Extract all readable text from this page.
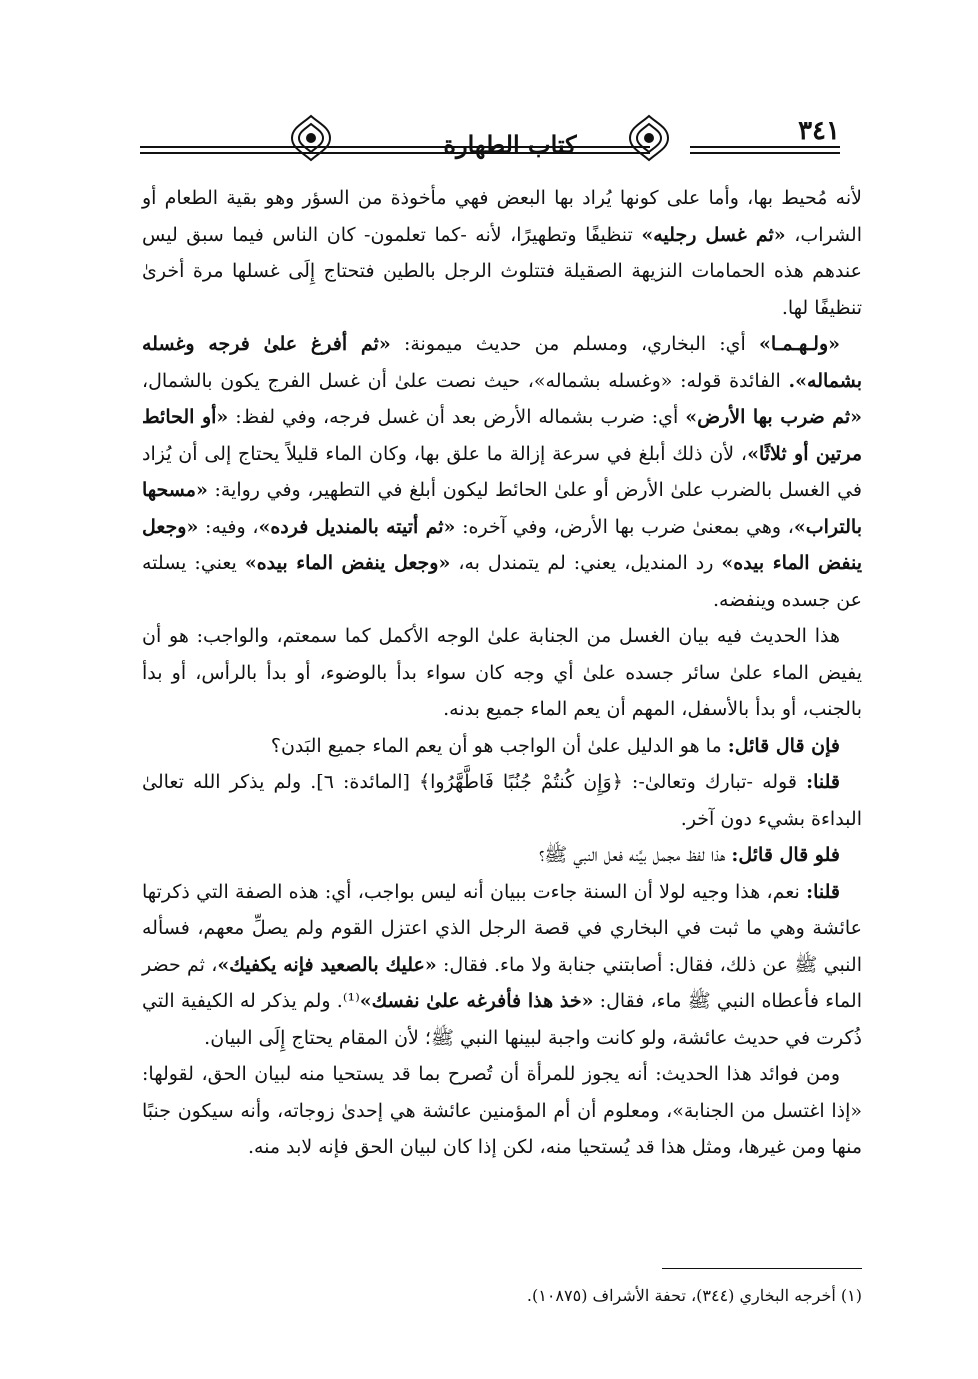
٣٤١
كتاب الطهارة

لأنه مُحيط بها، وأما على كونها يُراد بها البعض فهي مأخوذة من السؤر وهو بقية الطعام أو الشراب، «ثم غسل رجليه» تنظيفًا وتطهيرًا، لأنه -كما تعلمون- كان الناس فيما سبق ليس عندهم هذه الحمامات النزيهة الصقيلة فتتلوث الرجل بالطين فتحتاج إِلَى غسلها مرة أخرىٰ تنظيفًا لها.

«ولـهـمـا» أي: البخاري، ومسلم من حديث ميمونة: «ثم أفرغ علىٰ فرجه وغسله بشماله». الفائدة قوله: «وغسله بشماله»، حيث نصت علىٰ أن غسل الفرج يكون بالشمال، «ثم ضرب بها الأرض» أي: ضرب بشماله الأرض بعد أن غسل فرجه، وفي لفظ: «أو الحائط مرتين أو ثلاثًا»، لأن ذلك أبلغ في سرعة إزالة ما علق بها، وكان الماء قليلاً يحتاج إلى أن يُزاد في الغسل بالضرب علىٰ الأرض أو علىٰ الحائط ليكون أبلغ في التطهير، وفي رواية: «مسحها بالتراب»، وهي بمعنىٰ ضرب بها الأرض، وفي آخره: «ثم أتيته بالمنديل فرده»، وفيه: «وجعل ينفض الماء بيده» رد المنديل، يعني: لم يتمندل به، «وجعل ينفض الماء بيده» يعني: يسلته عن جسده وينفضه.

هذا الحديث فيه بيان الغسل من الجنابة علىٰ الوجه الأكمل كما سمعتم، والواجب: هو أن يفيض الماء علىٰ سائر جسده علىٰ أي وجه كان سواء بدأ بالوضوء، أو بدأ بالرأس، أو بدأ بالجنب، أو بدأ بالأسفل، المهم أن يعم الماء جميع بدنه.

فإن قال قائل: ما هو الدليل علىٰ أن الواجب هو أن يعم الماء جميع البَدن؟

قلنا: قوله -تبارك وتعالىٰ-: ﴿وَإِن كُنتُمْ جُنُبًا فَاطَّهَّرُوا﴾ [المائدة: ٦]. ولم يذكر الله تعالىٰ البداءة بشيء دون آخر.

فلو قال قائل: هذا لفظ مجمل بيَّنه فعل النبي ﷺ؟

قلنا: نعم، هذا وجيه لولا أن السنة جاءت ببيان أنه ليس بواجب، أي: هذه الصفة التي ذكرتها عائشة وهي ما ثبت في البخاري في قصة الرجل الذي اعتزل القوم ولم يصلِّ معهم، فسأله النبي ﷺ عن ذلك، فقال: أصابتني جنابة ولا ماء. فقال: «عليك بالصعيد فإنه يكفيك»، ثم حضر الماء فأعطاه النبي ﷺ ماء، فقال: «خذ هذا فأفرغه علىٰ نفسك»⁽¹⁾. ولم يذكر له الكيفية التي ذُكرت في حديث عائشة، ولو كانت واجبة لبينها النبي ﷺ؛ لأن المقام يحتاج إِلَى البيان.

ومن فوائد هذا الحديث: أنه يجوز للمرأة أن تُصرح بما قد يستحيا منه لبيان الحق، لقولها: «إذا اغتسل من الجنابة»، ومعلوم أن أم المؤمنين عائشة هي إحدىٰ زوجاته، وأنه سيكون جنبًا منها ومن غيرها، ومثل هذا قد يُستحيا منه، لكن إذا كان لبيان الحق فإنه لابد منه.

(١) أخرجه البخاري (٣٤٤)، تحفة الأشراف (١٠٨٧٥).
